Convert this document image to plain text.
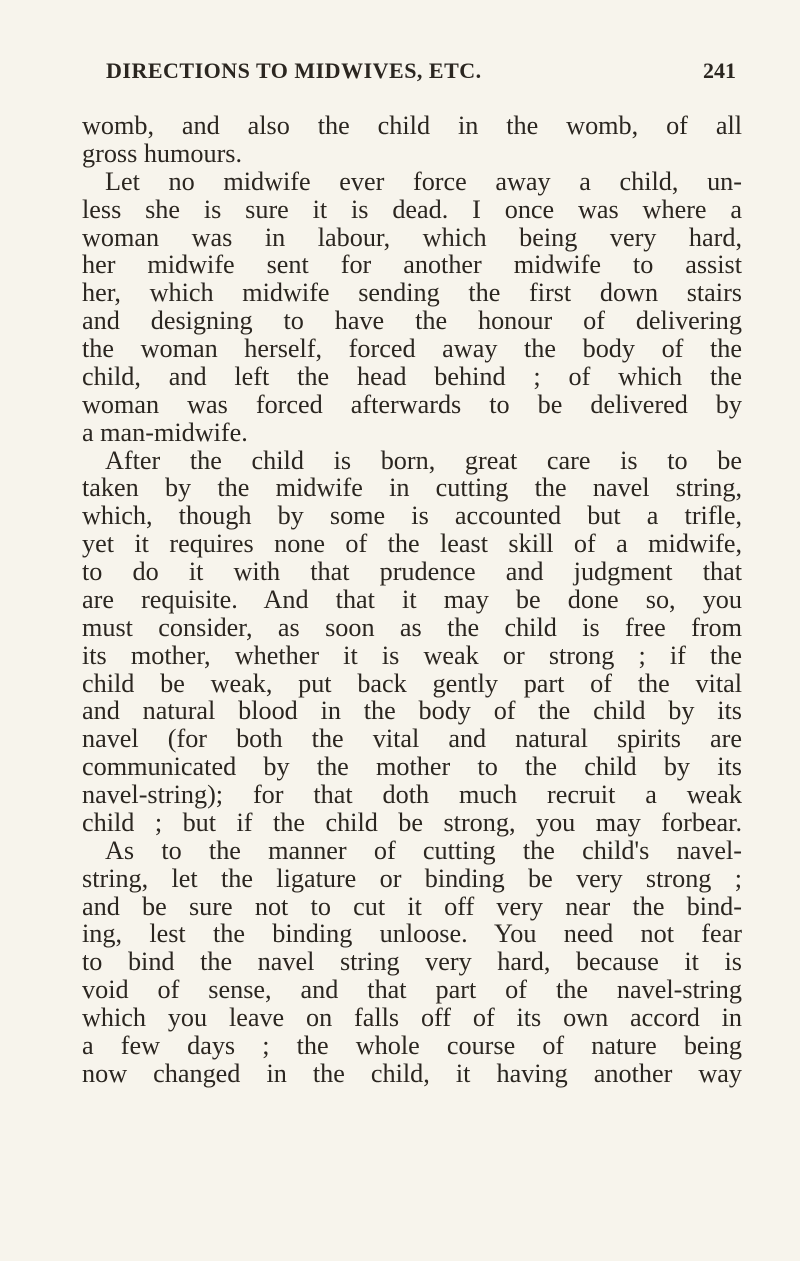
DIRECTIONS TO MIDWIVES, ETC.	241
womb, and also the child in the womb, of all
gross humours.
Let no midwife ever force away a child, un-
less she is sure it is dead. I once was where a
woman was in labour, which being very hard,
her midwife sent for another midwife to assist
her, which midwife sending the first down stairs
and designing to have the honour of delivering
the woman herself, forced away the body of the
child, and left the head behind ; of which the
woman was forced afterwards to be delivered by
a man-midwife.
After the child is born, great care is to be
taken by the midwife in cutting the navel string,
which, though by some is accounted but a trifle,
yet it requires none of the least skill of a midwife,
to do it with that prudence and judgment that
are requisite. And that it may be done so, you
must consider, as soon as the child is free from
its mother, whether it is weak or strong ; if the
child be weak, put back gently part of the vital
and natural blood in the body of the child by its
navel (for both the vital and natural spirits are
communicated by the mother to the child by its
navel-string); for that doth much recruit a weak
child ; but if the child be strong, you may forbear.
As to the manner of cutting the child's navel-
string, let the ligature or binding be very strong ;
and be sure not to cut it off very near the bind-
ing, lest the binding unloose. You need not fear
to bind the navel string very hard, because it is
void of sense, and that part of the navel-string
which you leave on falls off of its own accord in
a few days ; the whole course of nature being
now changed in the child, it having another way
